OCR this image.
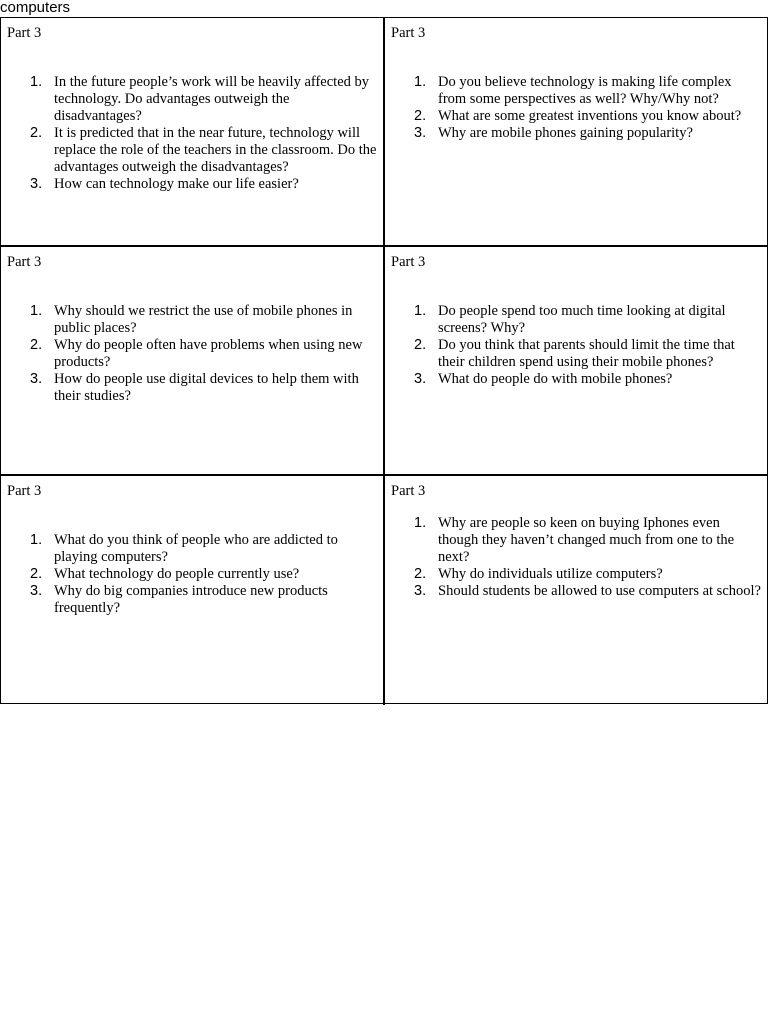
computers
Part 3
1. In the future people’s work will be heavily affected by technology. Do advantages outweigh the disadvantages?
2. It is predicted that in the near future, technology will replace the role of the teachers in the classroom. Do the advantages outweigh the disadvantages?
3. How can technology make our life easier?
Part 3
1. Do you believe technology is making life complex from some perspectives as well? Why/Why not?
2. What are some greatest inventions you know about?
3. Why are mobile phones gaining popularity?
Part 3
1. Why should we restrict the use of mobile phones in public places?
2. Why do people often have problems when using new products?
3. How do people use digital devices to help them with their studies?
Part 3
1. Do people spend too much time looking at digital screens? Why?
2. Do you think that parents should limit the time that their children spend using their mobile phones?
3. What do people do with mobile phones?
Part 3
1. What do you think of people who are addicted to playing computers?
2. What technology do people currently use?
3. Why do big companies introduce new products frequently?
Part 3
1. Why are people so keen on buying Iphones even though they haven’t changed much from one to the next?
2. Why do individuals utilize computers?
3. Should students be allowed to use computers at school?
